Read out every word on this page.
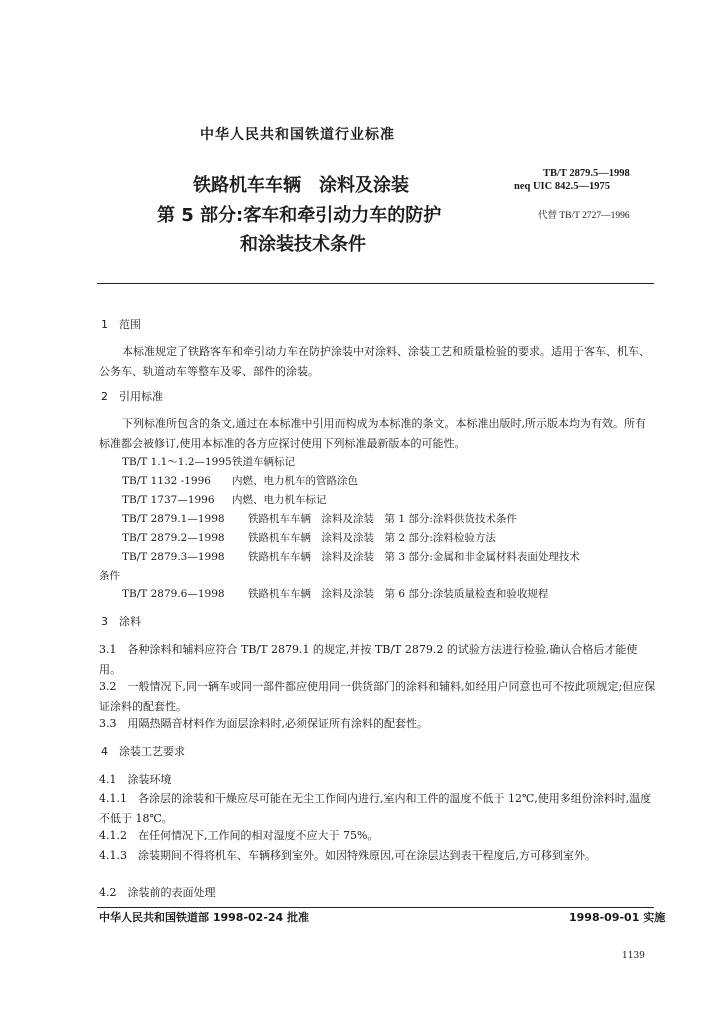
中华人民共和国铁道行业标准
铁路机车车辆　涂料及涂装
第 5 部分:客车和牵引动力车的防护
和涂装技术条件
TB/T 2879.5—1998
neq UIC 842.5—1975
代替 TB/T 2727—1996
1　范围
本标准规定了铁路客车和牵引动力车在防护涂装中对涂料、涂装工艺和质量检验的要求。适用于客车、机车、公务车、轨道动车等整车及零、部件的涂装。
2　引用标准
下列标准所包含的条文,通过在本标准中引用而构成为本标准的条文。本标准出版时,所示版本均为有效。所有标准都会被修订,使用本标准的各方应探讨使用下列标准最新版本的可能性。
TB/T 1.1～1.2—1995铁道车辆标记
TB/T 1132 -1996 内燃、电力机车的管路涂色
TB/T 1737—1996 内燃、电力机车标记
TB/T 2879.1—1998 铁路机车车辆　涂料及涂装　第 1 部分:涂料供货技术条件
TB/T 2879.2—1998 铁路机车车辆　涂料及涂装　第 2 部分:涂料检验方法
TB/T 2879.3—1998 铁路机车车辆　涂料及涂装　第 3 部分:金属和非金属材料表面处理技术
条件
TB/T 2879.6—1998 铁路机车车辆　涂料及涂装　第 6 部分:涂装质量检查和验收规程
3　涂料
3.1　各种涂料和辅料应符合 TB/T 2879.1 的规定,并按 TB/T 2879.2 的试验方法进行检验,确认合格后才能使用。
3.2　一般情况下,同一辆车或同一部件都应使用同一供货部门的涂料和辅料,如经用户同意也可不按此项规定;但应保证涂料的配套性。
3.3　用隔热隔音材料作为面层涂料时,必须保证所有涂料的配套性。
4　涂装工艺要求
4.1　涂装环境
4.1.1　各涂层的涂装和干燥应尽可能在无尘工作间内进行,室内和工件的温度不低于 12℃,使用多组份涂料时,温度不低于 18℃。
4.1.2　在任何情况下,工作间的相对湿度不应大于 75%。
4.1.3　涂装期间不得将机车、车辆移到室外。如因特殊原因,可在涂层达到表干程度后,方可移到室外。
4.2　涂装前的表面处理
中华人民共和国铁道部 1998-02-24 批准	1998-09-01 实施
1139
